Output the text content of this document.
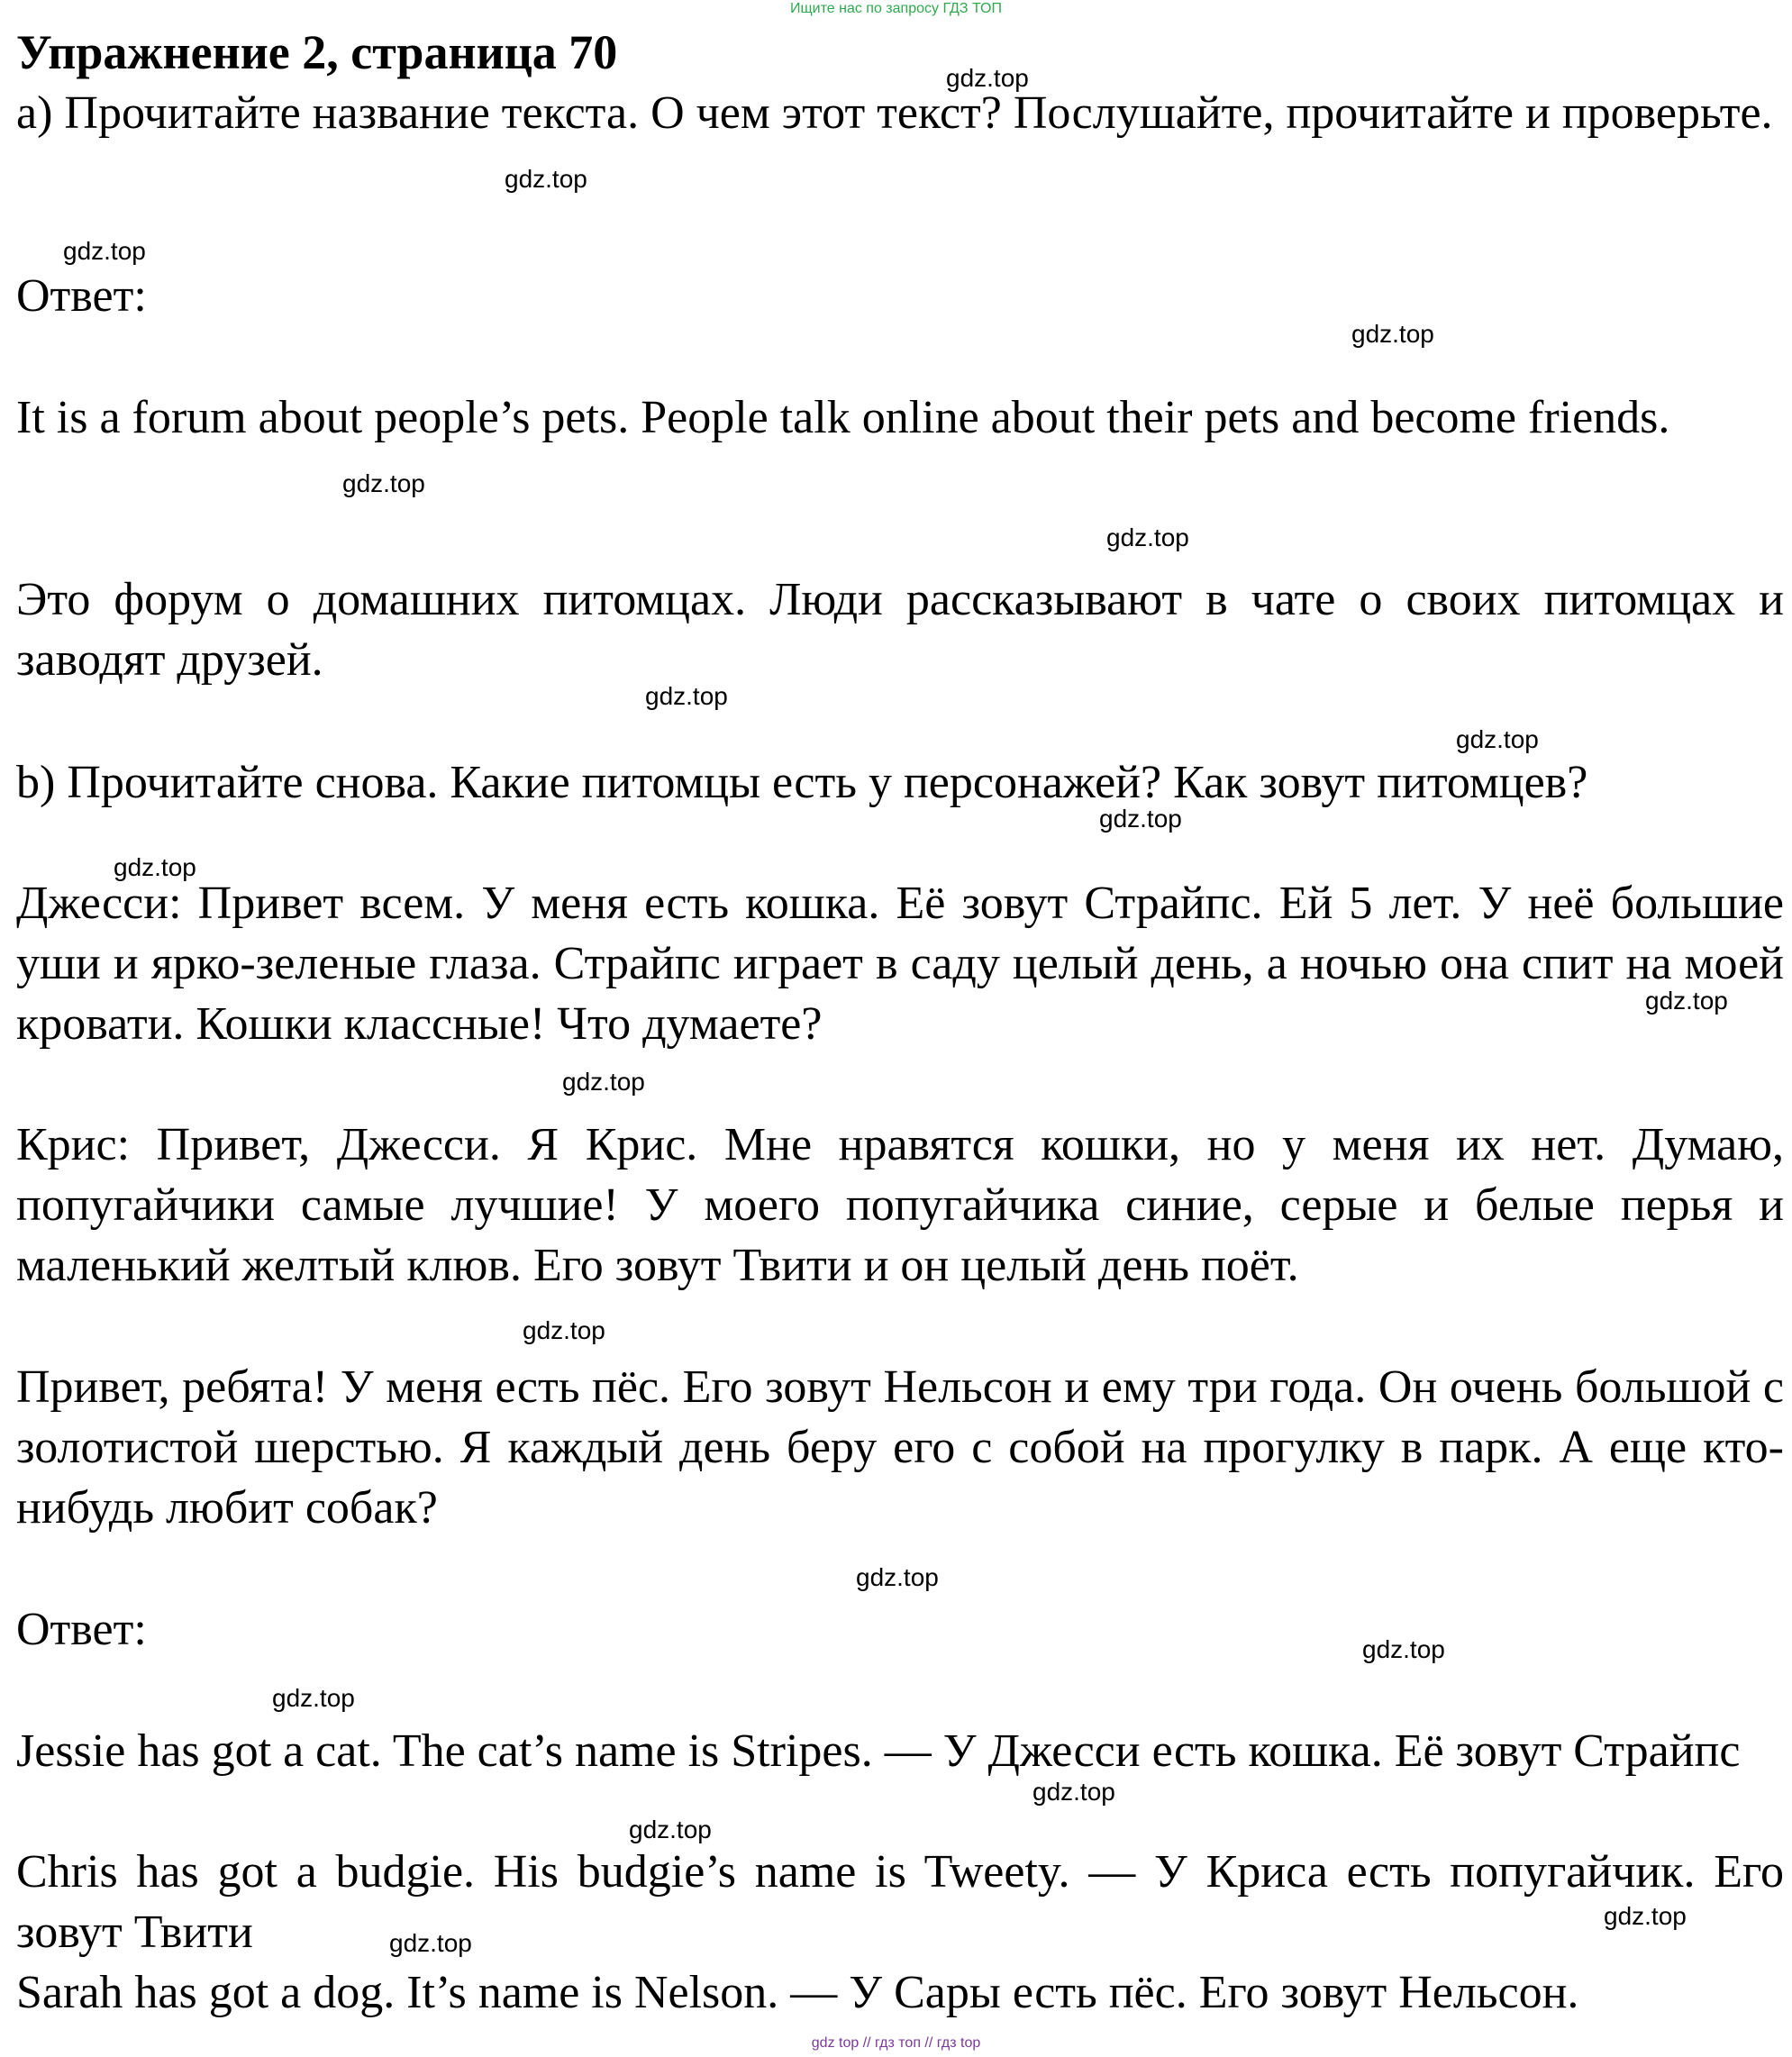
Ищите нас по запросу ГДЗ ТОП
Упражнение 2, страница 70

a) Прочитайте название текста. О чем этот текст? Послушайте, прочитайте и проверьте.

Ответ:

It is a forum about people’s pets. People talk online about their pets and become friends.

Это форум о домашних питомцах. Люди рассказывают в чате о своих питомцах и заводят друзей.

b) Прочитайте снова. Какие питомцы есть у персонажей? Как зовут питомцев?

Джесси: Привет всем. У меня есть кошка. Её зовут Страйпс. Ей 5 лет. У неё большие уши и ярко-зеленые глаза. Страйпс играет в саду целый день, а ночью она спит на моей кровати. Кошки классные! Что думаете?

Крис: Привет, Джесси. Я Крис. Мне нравятся кошки, но у меня их нет. Думаю, попугайчики самые лучшие! У моего попугайчика синие, серые и белые перья и маленький желтый клюв. Его зовут Твити и он целый день поёт.

Привет, ребята! У меня есть пёс. Его зовут Нельсон и ему три года. Он очень большой с золотистой шерстью. Я каждый день беру его с собой на прогулку в парк. А еще кто-нибудь любит собак?

Ответ:

Jessie has got a cat. The cat’s name is Stripes. — У Джесси есть кошка. Её зовут Страйпс

Chris has got a budgie. His budgie’s name is Tweety. — У Криса есть попугайчик. Его зовут Твити

Sarah has got a dog. It’s name is Nelson. — У Сары есть пёс. Его зовут Нельсон.

gdz.top
gdz.top
gdz.top
gdz.top
gdz.top
gdz.top
gdz.top
gdz.top
gdz.top
gdz.top
gdz.top
gdz.top
gdz.top
gdz.top
gdz.top
gdz.top
gdz.top
gdz.top
gdz.top
gdz.top
gdz top // гдз топ // гдз top
